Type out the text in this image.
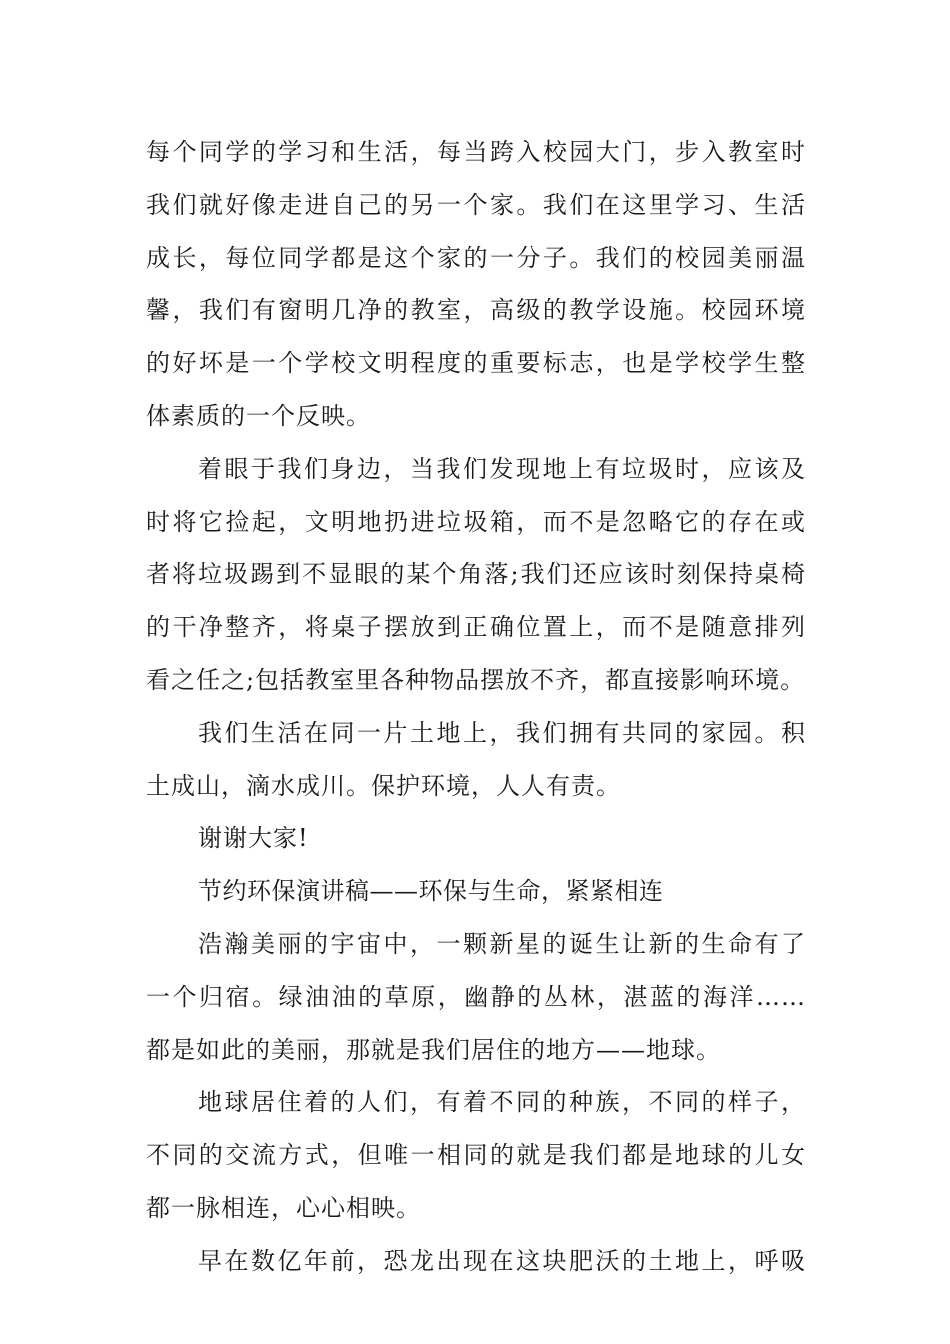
每个同学的学习和生活，每当跨入校园大门，步入教室时
我们就好像走进自己的另一个家。我们在这里学习、生活
成长，每位同学都是这个家的一分子。我们的校园美丽温
馨，我们有窗明几净的教室，高级的教学设施。校园环境
的好坏是一个学校文明程度的重要标志，也是学校学生整
体素质的一个反映。
着眼于我们身边，当我们发现地上有垃圾时，应该及
时将它捡起，文明地扔进垃圾箱，而不是忽略它的存在或
者将垃圾踢到不显眼的某个角落;我们还应该时刻保持桌椅
的干净整齐，将桌子摆放到正确位置上，而不是随意排列
看之任之;包括教室里各种物品摆放不齐，都直接影响环境。
我们生活在同一片土地上，我们拥有共同的家园。积
土成山，滴水成川。保护环境，人人有责。
谢谢大家!
节约环保演讲稿——环保与生命，紧紧相连
浩瀚美丽的宇宙中，一颗新星的诞生让新的生命有了
一个归宿。绿油油的草原，幽静的丛林，湛蓝的海洋……
都是如此的美丽，那就是我们居住的地方——地球。
地球居住着的人们，有着不同的种族，不同的样子，
不同的交流方式，但唯一相同的就是我们都是地球的儿女
都一脉相连，心心相映。
早在数亿年前，恐龙出现在这块肥沃的土地上，呼吸
